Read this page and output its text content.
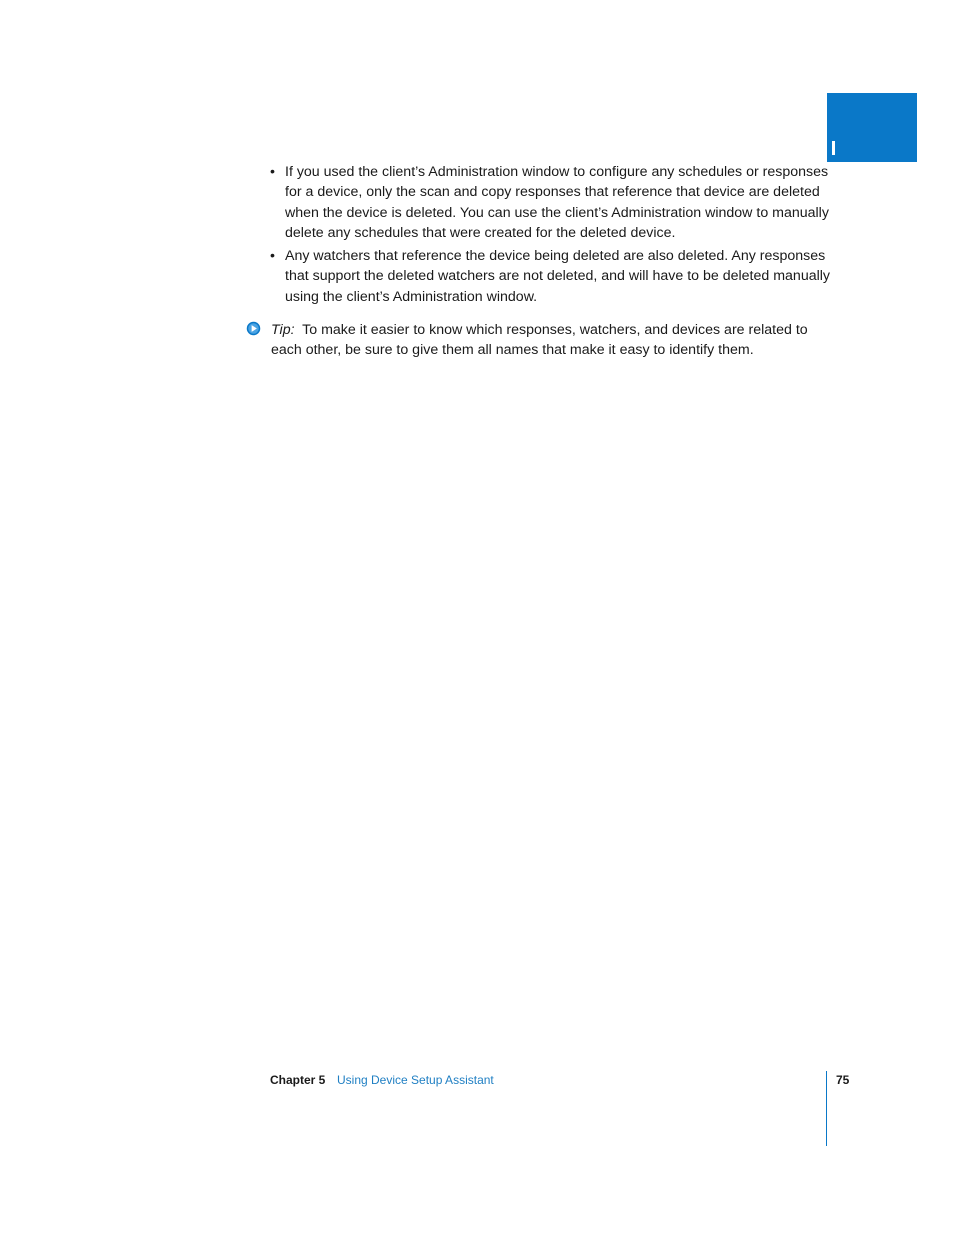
• If you used the client’s Administration window to configure any schedules or responses for a device, only the scan and copy responses that reference that device are deleted when the device is deleted. You can use the client’s Administration window to manually delete any schedules that were created for the deleted device.
• Any watchers that reference the device being deleted are also deleted. Any responses that support the deleted watchers are not deleted, and will have to be deleted manually using the client’s Administration window.

Tip: To make it easier to know which responses, watchers, and devices are related to each other, be sure to give them all names that make it easy to identify them.

Chapter 5 Using Device Setup Assistant	75
